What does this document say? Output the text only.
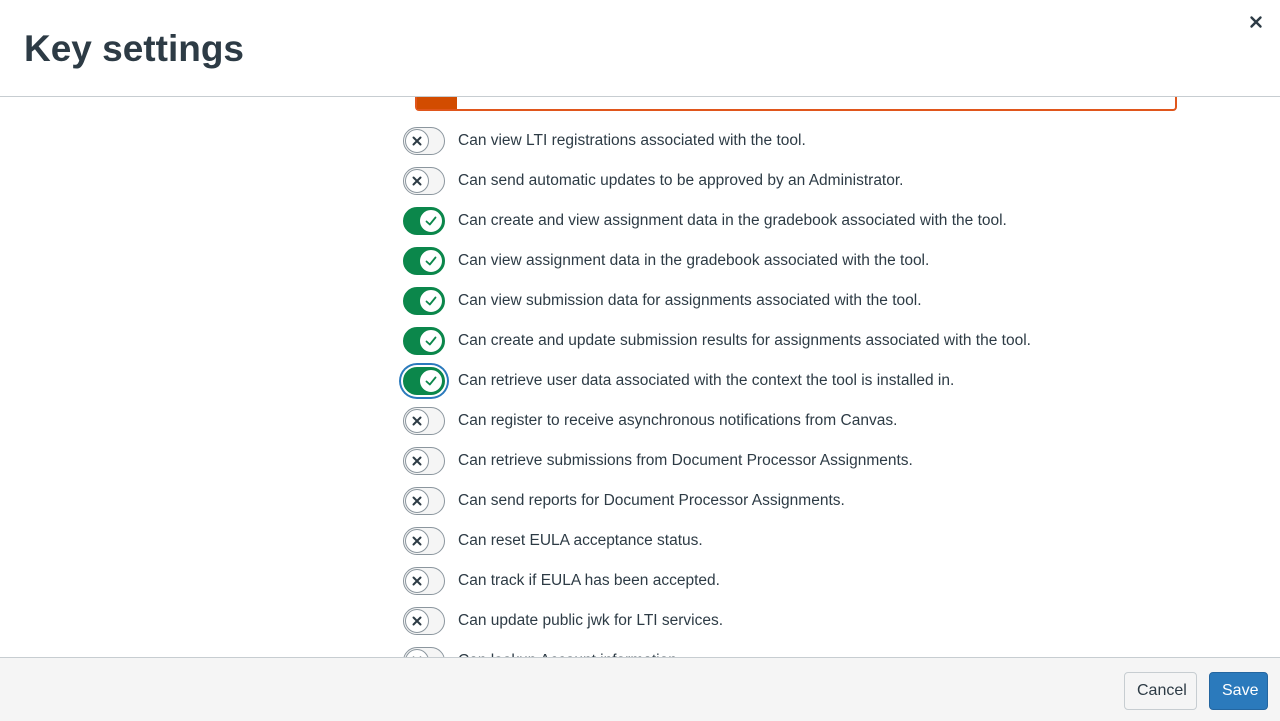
Key settings
Can view LTI registrations associated with the tool.
Can send automatic updates to be approved by an Administrator.
Can create and view assignment data in the gradebook associated with the tool.
Can view assignment data in the gradebook associated with the tool.
Can view submission data for assignments associated with the tool.
Can create and update submission results for assignments associated with the tool.
Can retrieve user data associated with the context the tool is installed in.
Can register to receive asynchronous notifications from Canvas.
Can retrieve submissions from Document Processor Assignments.
Can send reports for Document Processor Assignments.
Can reset EULA acceptance status.
Can track if EULA has been accepted.
Can update public jwk for LTI services.
Cancel	Save
